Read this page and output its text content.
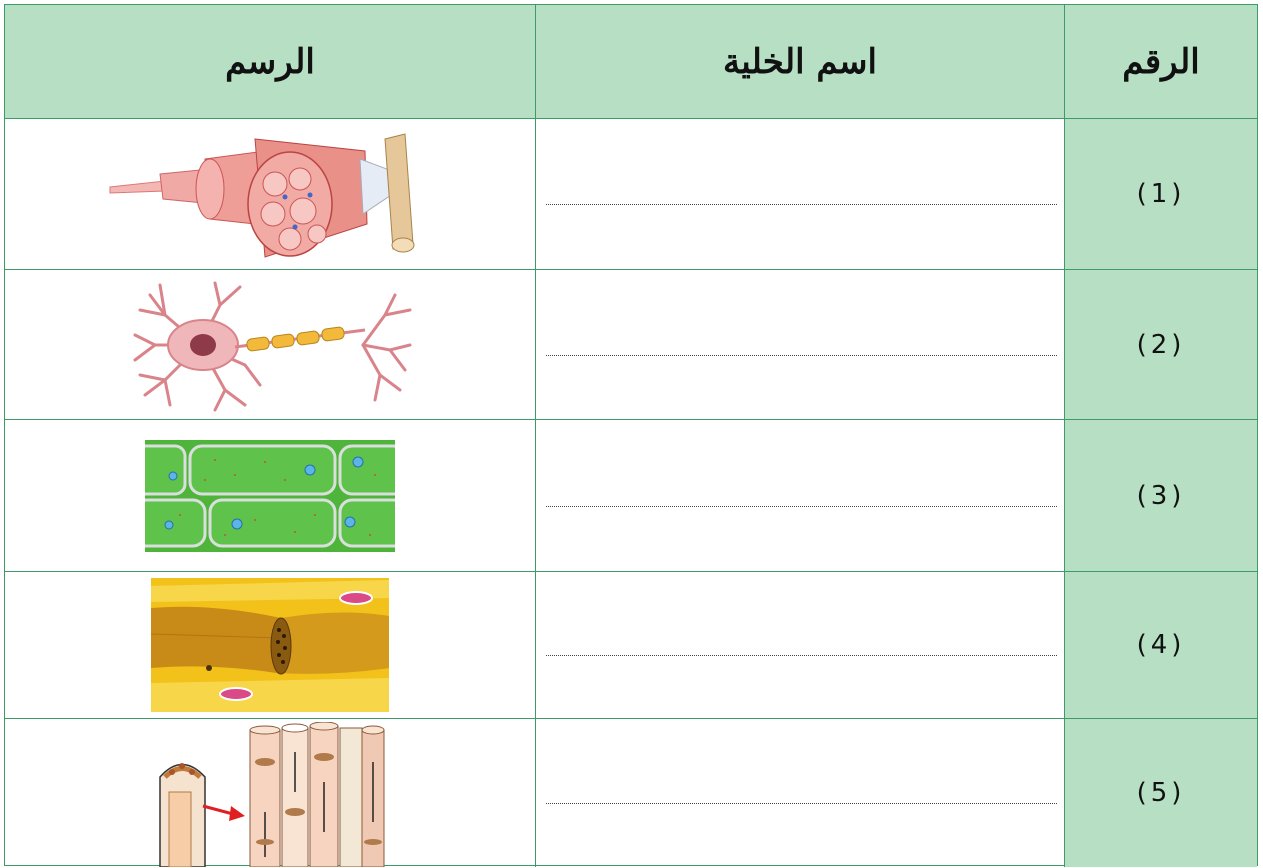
الرسم	اسم الخلية	الرقم
(1)
(2)
(3)
(4)
(5)
